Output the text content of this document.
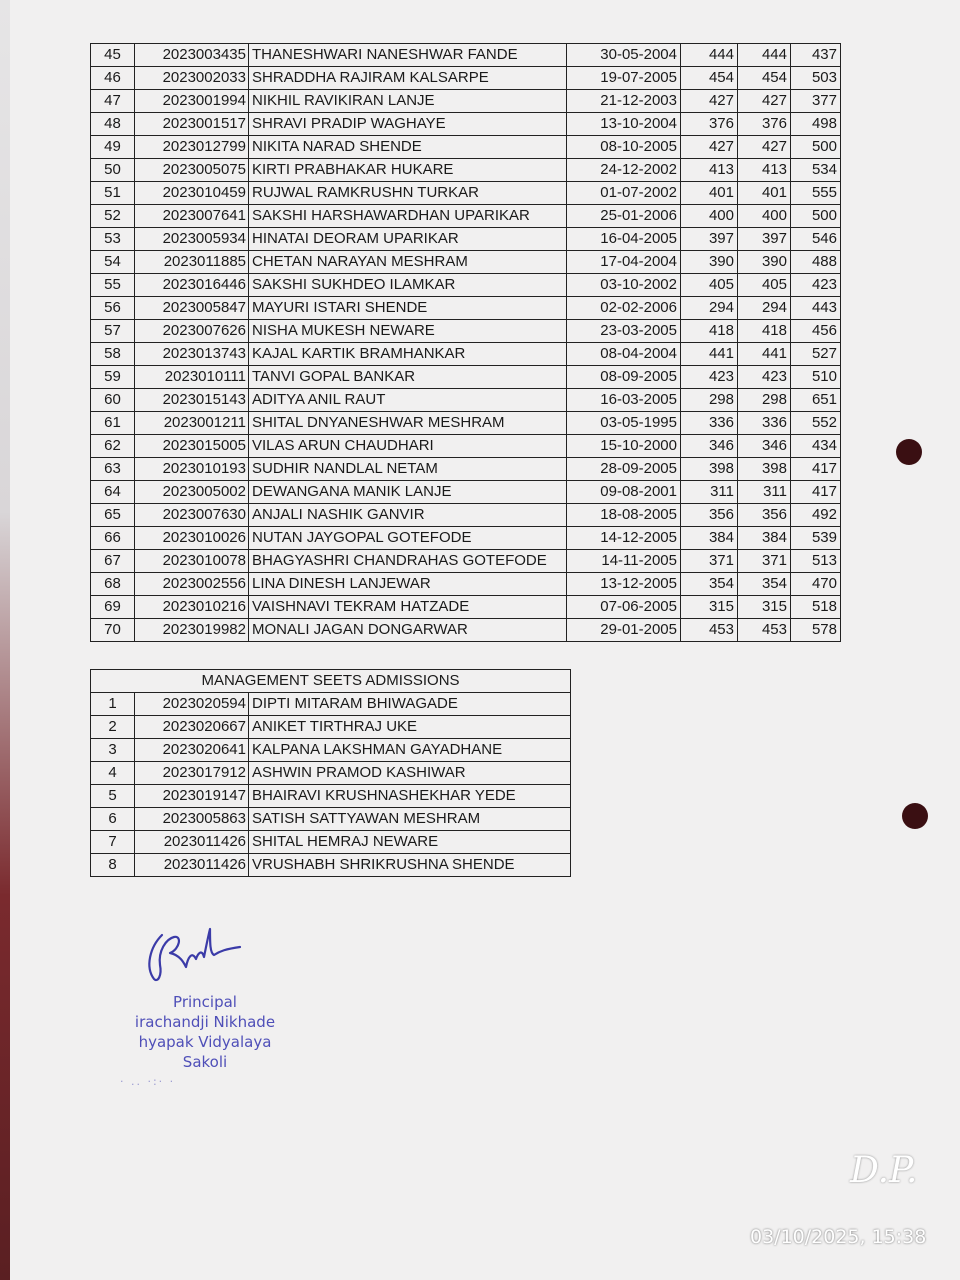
45	2023003435	THANESHWARI NANESHWAR FANDE	30-05-2004	444	444	437
46	2023002033	SHRADDHA RAJIRAM KALSARPE	19-07-2005	454	454	503
47	2023001994	NIKHIL RAVIKIRAN LANJE	21-12-2003	427	427	377
48	2023001517	SHRAVI PRADIP WAGHAYE	13-10-2004	376	376	498
49	2023012799	NIKITA NARAD SHENDE	08-10-2005	427	427	500
50	2023005075	KIRTI PRABHAKAR HUKARE	24-12-2002	413	413	534
51	2023010459	RUJWAL RAMKRUSHN TURKAR	01-07-2002	401	401	555
52	2023007641	SAKSHI HARSHAWARDHAN UPARIKAR	25-01-2006	400	400	500
53	2023005934	HINATAI DEORAM UPARIKAR	16-04-2005	397	397	546
54	2023011885	CHETAN NARAYAN MESHRAM	17-04-2004	390	390	488
55	2023016446	SAKSHI SUKHDEO ILAMKAR	03-10-2002	405	405	423
56	2023005847	MAYURI ISTARI SHENDE	02-02-2006	294	294	443
57	2023007626	NISHA MUKESH NEWARE	23-03-2005	418	418	456
58	2023013743	KAJAL KARTIK BRAMHANKAR	08-04-2004	441	441	527
59	2023010111	TANVI GOPAL BANKAR	08-09-2005	423	423	510
60	2023015143	ADITYA ANIL RAUT	16-03-2005	298	298	651
61	2023001211	SHITAL DNYANESHWAR MESHRAM	03-05-1995	336	336	552
62	2023015005	VILAS ARUN CHAUDHARI	15-10-2000	346	346	434
63	2023010193	SUDHIR NANDLAL NETAM	28-09-2005	398	398	417
64	2023005002	DEWANGANA MANIK LANJE	09-08-2001	311	311	417
65	2023007630	ANJALI NASHIK GANVIR	18-08-2005	356	356	492
66	2023010026	NUTAN JAYGOPAL GOTEFODE	14-12-2005	384	384	539
67	2023010078	BHAGYASHRI CHANDRAHAS GOTEFODE	14-11-2005	371	371	513
68	2023002556	LINA DINESH LANJEWAR	13-12-2005	354	354	470
69	2023010216	VAISHNAVI TEKRAM HATZADE	07-06-2005	315	315	518
70	2023019982	MONALI JAGAN DONGARWAR	29-01-2005	453	453	578
MANAGEMENT SEETS ADMISSIONS		
1	2023020594	DIPTI MITARAM BHIWAGADE
2	2023020667	ANIKET TIRTHRAJ UKE
3	2023020641	KALPANA LAKSHMAN GAYADHANE
4	2023017912	ASHWIN PRAMOD KASHIWAR
5	2023019147	BHAIRAVI KRUSHNASHEKHAR YEDE
6	2023005863	SATISH SATTYAWAN MESHRAM
7	2023011426	SHITAL HEMRAJ NEWARE
8	2023011426	VRUSHABH SHRIKRUSHNA SHENDE
Principal
irachandji Nikhade
hyapak Vidyalaya
Sakoli
· .. ·:· ·
D.P.
03/10/2025, 15:38
